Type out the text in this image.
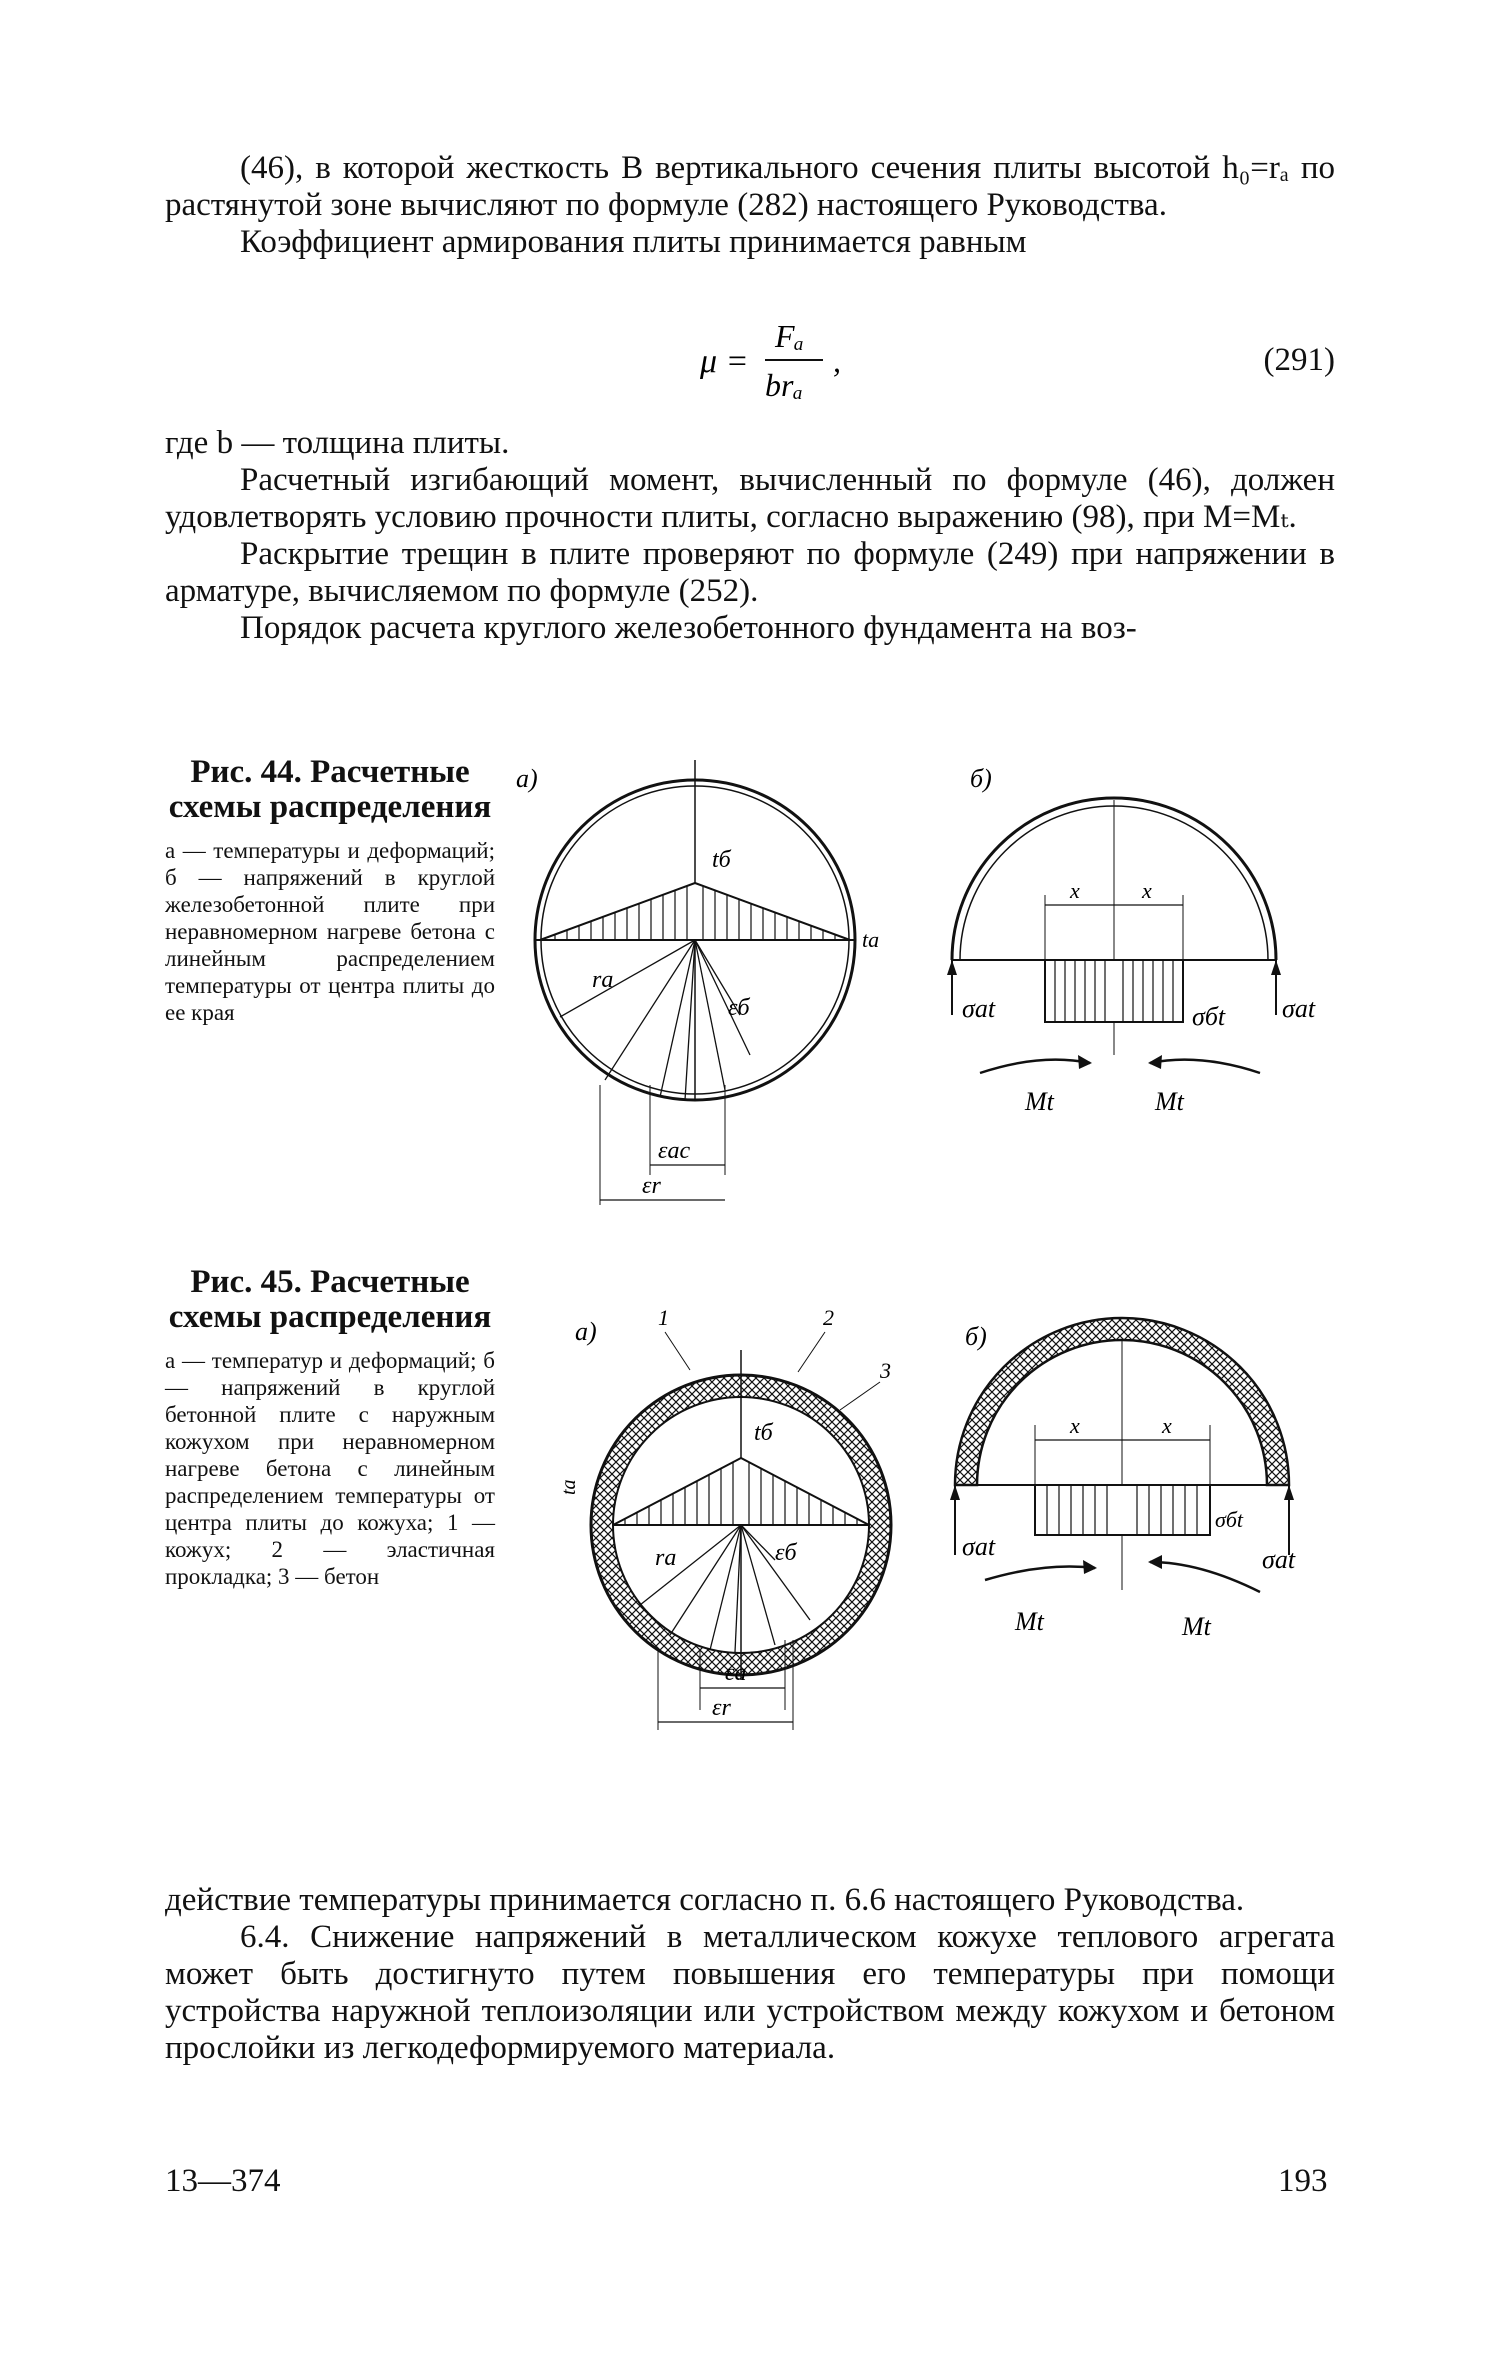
(46), в которой жесткость B вертикального сечения плиты высотой h₀=rₐ по растянутой зоне вычисляют по формуле (282) настоящего Руководства.

Коэффициент армирования плиты принимается равным

μ =
Fₐ
brₐ
,	(291)

где b — толщина плиты.

Расчетный изгибающий момент, вычисленный по формуле (46), должен удовлетворять условию прочности плиты, согласно выражению (98), при M=Mₜ.

Раскрытие трещин в плите проверяют по формуле (249) при напряжении в арматуре, вычисляемом по формуле (252).

Порядок расчета круглого железобетонного фундамента на воз-

Рис. 44. Расчетные схемы распределения

а — температуры и деформаций; б — напряжений в круглой железобетонной плите при неравномерном нагреве бетона с линейным распределением температуры от центра плиты до ее края

а)
tб
tа
rа
εб
εаc
εr
б)
x	x
σat	σбt σat
Mt	Mt

Рис. 45. Расчетные схемы распределения

а — температур и деформаций; б — напряжений в круглой бетонной плите с наружным кожухом при неравномерном нагреве бетона с линейным распределением температуры от центра плиты до кожуха; 1 — кожух; 2 — эластичная прокладка; 3 — бетон

а)	1	2
3
tб
tа
rа	εб
εа
εr
б)
x	x
σat
σбt
σat
Mt	Mt

действие температуры принимается согласно п. 6.6 настоящего Руководства.

6.4. Снижение напряжений в металлическом кожухе теплового агрегата может быть достигнуто путем повышения его температуры при помощи устройства наружной теплоизоляции или устройством между кожухом и бетоном прослойки из легкодеформируемого материала.

13—374	193
